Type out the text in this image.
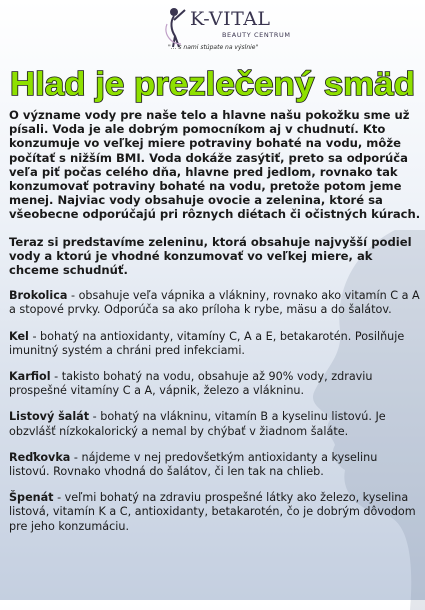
K-VITAL
BEAUTY CENTRUM
"... s nami stúpate na výslnie"
Hlad je prezlečený smäd

O význame vody pre naše telo a hlavne našu pokožku sme už písali. Voda je ale dobrým pomocníkom aj v chudnutí. Kto konzumuje vo veľkej miere potraviny bohaté na vodu, môže počítať s nižším BMI. Voda dokáže zasýtiť, preto sa odporúča veľa piť počas celého dňa, hlavne pred jedlom, rovnako tak konzumovať potraviny bohaté na vodu, pretože potom jeme menej. Najviac vody obsahuje ovocie a zelenina, ktoré sa všeobecne odporúčajú pri rôznych diétach či očistných kúrach.

Teraz si predstavíme zeleninu, ktorá obsahuje najvyšší podiel vody a ktorú je vhodné konzumovať vo veľkej miere, ak chceme schudnúť.

Brokolica - obsahuje veľa vápnika a vlákniny, rovnako ako vitamín C a A a stopové prvky. Odporúča sa ako príloha k rybe, mäsu a do šalátov.

Kel - bohatý na antioxidanty, vitamíny C, A a E, betakarotén. Posilňuje imunitný systém a chráni pred infekciami.

Karfiol - takisto bohatý na vodu, obsahuje až 90% vody, zdraviu prospešné vitamíny C a A, vápnik, železo a vlákninu.

Listový šalát - bohatý na vlákninu, vitamín B a kyselinu listovú. Je obzvlášť nízkokalorický a nemal by chýbať v žiadnom šaláte.

Reďkovka - nájdeme v nej predovšetkým antioxidanty a kyselinu listovú. Rovnako vhodná do šalátov, či len tak na chlieb.

Špenát - veľmi bohatý na zdraviu prospešné látky ako železo, kyselina listová, vitamín K a C, antioxidanty, betakarotén, čo je dobrým dôvodom pre jeho konzumáciu.
